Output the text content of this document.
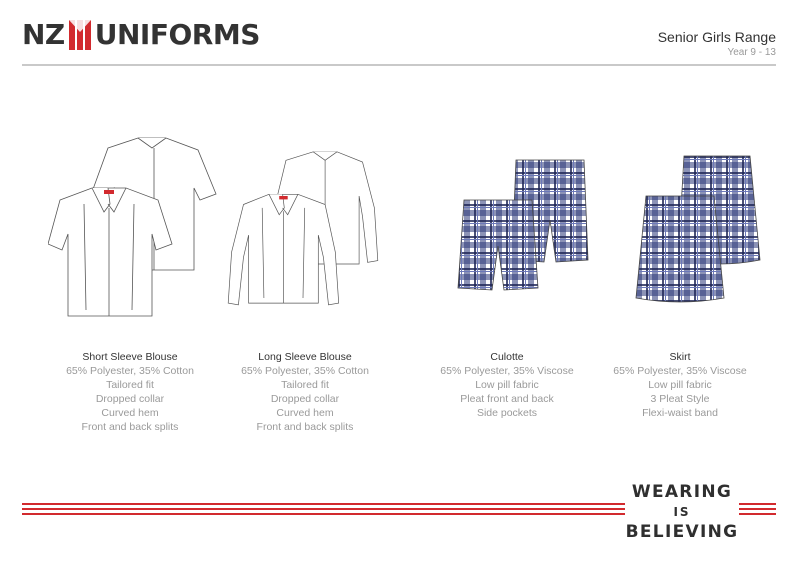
NZ UNIFORMS	Senior Girls Range
Year 9 - 13
Short Sleeve Blouse
65% Polyester, 35% Cotton
Tailored fit
Dropped collar
Curved hem
Front and back splits
Long Sleeve Blouse
65% Polyester, 35% Cotton
Tailored fit
Dropped collar
Curved hem
Front and back splits
Culotte
65% Polyester, 35% Viscose
Low pill fabric
Pleat front and back
Side pockets
Skirt
65% Polyester, 35% Viscose
Low pill fabric
3 Pleat Style
Flexi-waist band
WEARING
IS
BELIEVING
